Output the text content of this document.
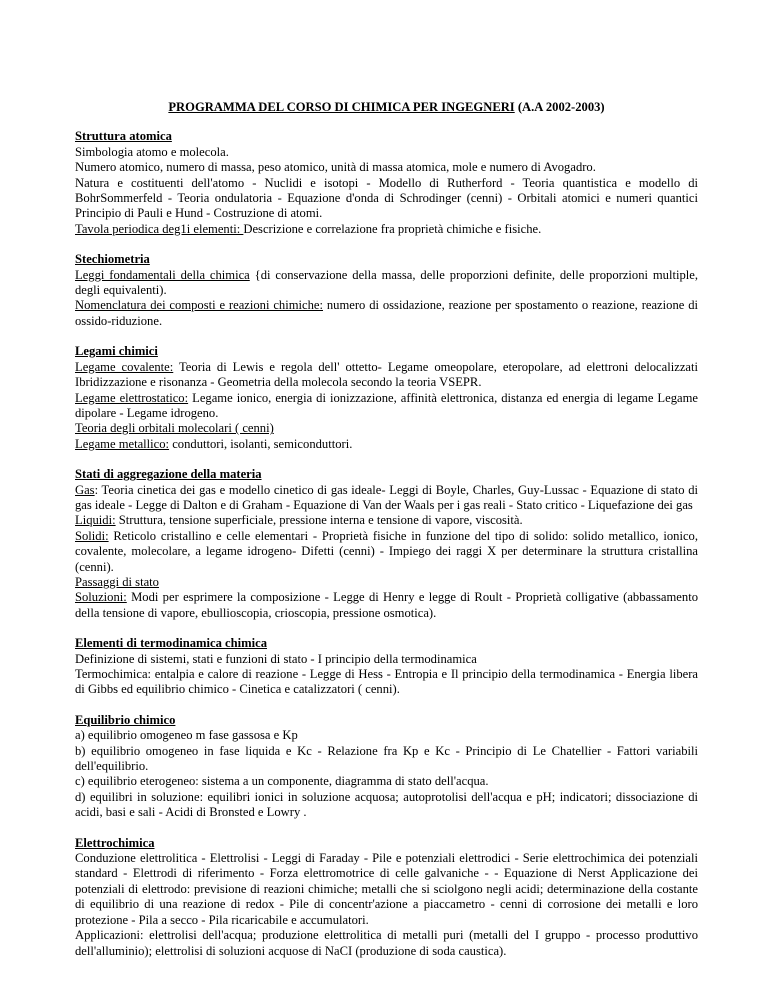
PROGRAMMA DEL CORSO DI CHIMICA PER INGEGNERI (A.A 2002-2003)
Struttura atomica

Simbologia atomo e molecola.

Numero atomico, numero di massa, peso atomico, unità di massa atomica, mole e numero di Avogadro.

Natura e costituenti dell'atomo - Nuclidi e isotopi - Modello di Rutherford - Teoria quantistica e modello di BohrSommerfeld - Teoria ondulatoria - Equazione d'onda di Schrodinger (cenni) - Orbitali atomici e numeri quantici Principio di Pauli e Hund - Costruzione di atomi.

Tavola periodica deg1i elementi: Descrizione e correlazione fra proprietà chimiche e fisiche.

Stechiometria

Leggi fondamentali della chimica {di conservazione della massa, delle proporzioni definite, delle proporzioni multiple, degli equivalenti).

Nomenclatura dei composti e reazioni chimiche: numero di ossidazione, reazione per spostamento o reazione, reazione di ossido-riduzione.

Legami chimici

Legame covalente: Teoria di Lewis e regola dell' ottetto- Legame omeopolare, eteropolare, ad elettroni delocalizzati Ibridizzazione e risonanza - Geometria della molecola secondo la teoria VSEPR.

Legame elettrostatico: Legame ionico, energia di ionizzazione, affinità elettronica, distanza ed energia di legame Legame dipolare - Legame idrogeno.

Teoria degli orbitali molecolari ( cenni)

Legame metallico: conduttori, isolanti, semiconduttori.

Stati di aggregazione della materia

Gas: Teoria cinetica dei gas e modello cinetico di gas ideale- Leggi di Boyle, Charles, Guy-Lussac - Equazione di stato di gas ideale - Legge di Dalton e di Graham - Equazione di Van der Waals per i gas reali - Stato critico - Liquefazione dei gas

Liquidi: Struttura, tensione superficiale, pressione interna e tensione di vapore, viscosità.

Solidi: Reticolo cristallino e celle elementari - Proprietà fisiche in funzione del tipo di solido: solido metallico, ionico, covalente, molecolare, a legame idrogeno- Difetti (cenni) - Impiego dei raggi X per determinare la struttura cristallina (cenni).

Passaggi di stato

Soluzioni: Modi per esprimere la composizione - Legge di Henry e legge di Roult - Proprietà colligative (abbassamento della tensione di vapore, ebullioscopia, crioscopia, pressione osmotica).

Elementi di termodinamica chimica

Definizione di sistemi, stati e funzioni di stato - I principio della termodinamica

Termochimica: entalpia e calore di reazione - Legge di Hess - Entropia e Il principio della termodinamica - Energia libera di Gibbs ed equilibrio chimico - Cinetica e catalizzatori ( cenni).

Equilibrio chimico

a) equilibrio omogeneo m fase gassosa e Kp

b) equilibrio omogeneo in fase liquida e Kc - Relazione fra Kp e Kc - Principio di Le Chatellier - Fattori variabili dell'equilibrio.

c) equilibrio eterogeneo: sistema a un componente, diagramma di stato dell'acqua.

d) equilibri in soluzione: equilibri ionici in soluzione acquosa; autoprotolisi dell'acqua e pH; indicatori; dissociazione di acidi, basi e sali - Acidi di Bronsted e Lowry .

Elettrochimica

Conduzione elettrolitica - Elettrolisi - Leggi di Faraday - Pile e potenziali elettrodici - Serie elettrochimica dei potenziali standard - Elettrodi di riferimento - Forza elettromotrice di celle galvaniche - - Equazione di Nerst Applicazione dei potenziali di elettrodo: previsione di reazioni chimiche; metalli che si sciolgono negli acidi; determinazione della costante di equilibrio di una reazione di redox - Pile di concentr'azione a piaccametro - cenni di corrosione dei metalli e loro protezione - Pila a secco - Pila ricaricabile e accumulatori.

Applicazioni: elettrolisi dell'acqua; produzione elettrolitica di metalli puri (metalli del I gruppo - processo produttivo dell'alluminio); elettrolisi di soluzioni acquose di NaCI (produzione di soda caustica).
